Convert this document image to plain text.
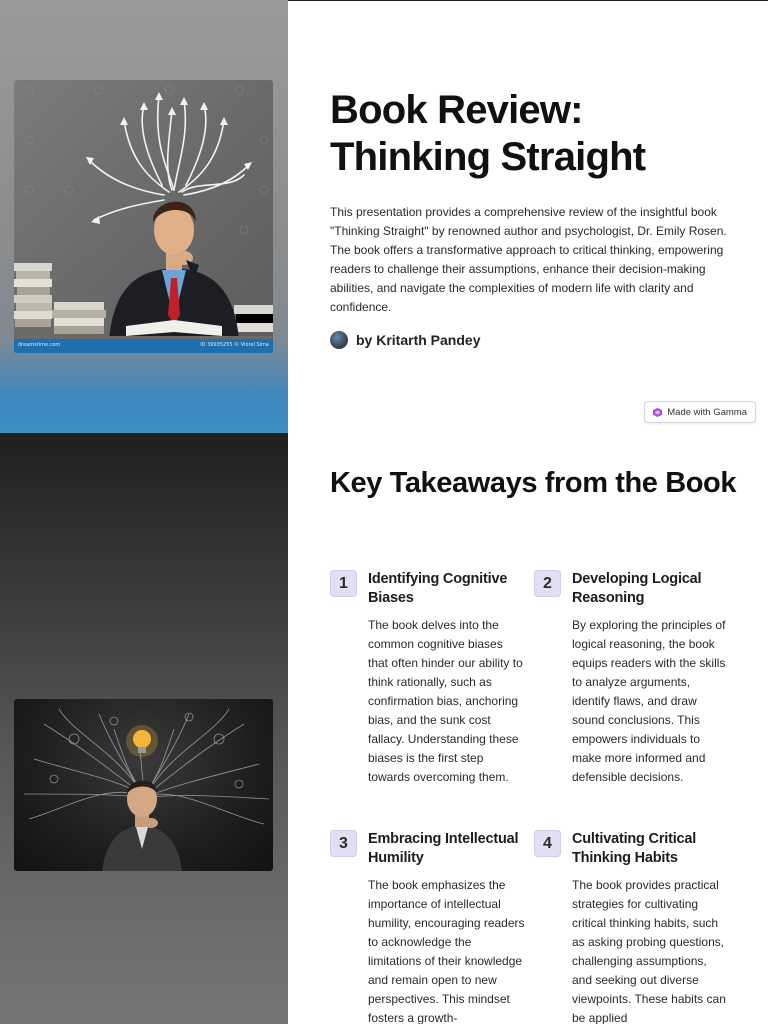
dreamstime.com	ID 39935255 © Viorel Sima
Book Review: Thinking Straight

This presentation provides a comprehensive review of the insightful book "Thinking Straight" by renowned author and psychologist, Dr. Emily Rosen. The book offers a transformative approach to critical thinking, empowering readers to challenge their assumptions, enhance their decision-making abilities, and navigate the complexities of modern life with clarity and confidence.

by Kritarth Pandey
Made with Gamma
Key Takeaways from the Book
1	Identifying Cognitive Biases

The book delves into the common cognitive biases that often hinder our ability to think rationally, such as confirmation bias, anchoring bias, and the sunk cost fallacy. Understanding these biases is the first step towards overcoming them.

2	Developing Logical Reasoning

By exploring the principles of logical reasoning, the book equips readers with the skills to analyze arguments, identify flaws, and draw sound conclusions. This empowers individuals to make more informed and defensible decisions.

3	Embracing Intellectual Humility

The book emphasizes the importance of intellectual humility, encouraging readers to acknowledge the limitations of their knowledge and remain open to new perspectives. This mindset fosters a growth-

4	Cultivating Critical Thinking Habits

The book provides practical strategies for cultivating critical thinking habits, such as asking probing questions, challenging assumptions, and seeking out diverse viewpoints. These habits can be applied
